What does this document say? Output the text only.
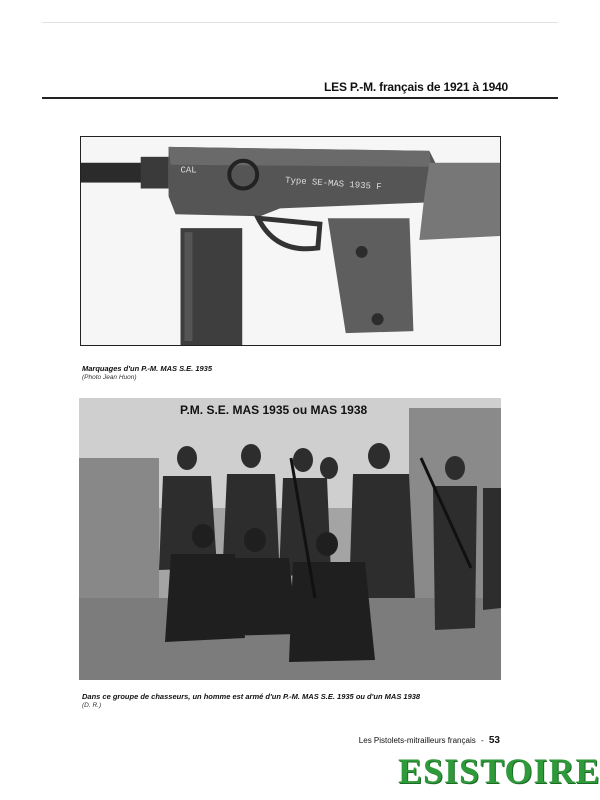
LES P.-M. français de 1921 à 1940
CAL
Type SE-MAS 1935 F
Marquages d'un P.-M. MAS S.E. 1935
(Photo Jean Huon)
P.M. S.E. MAS 1935 ou MAS 1938
Dans ce groupe de chasseurs, un homme est armé d'un P.-M. MAS S.E. 1935 ou d'un MAS 1938
(D. R.)
Les Pistolets-mitrailleurs français - 53
ESISTOIRE
